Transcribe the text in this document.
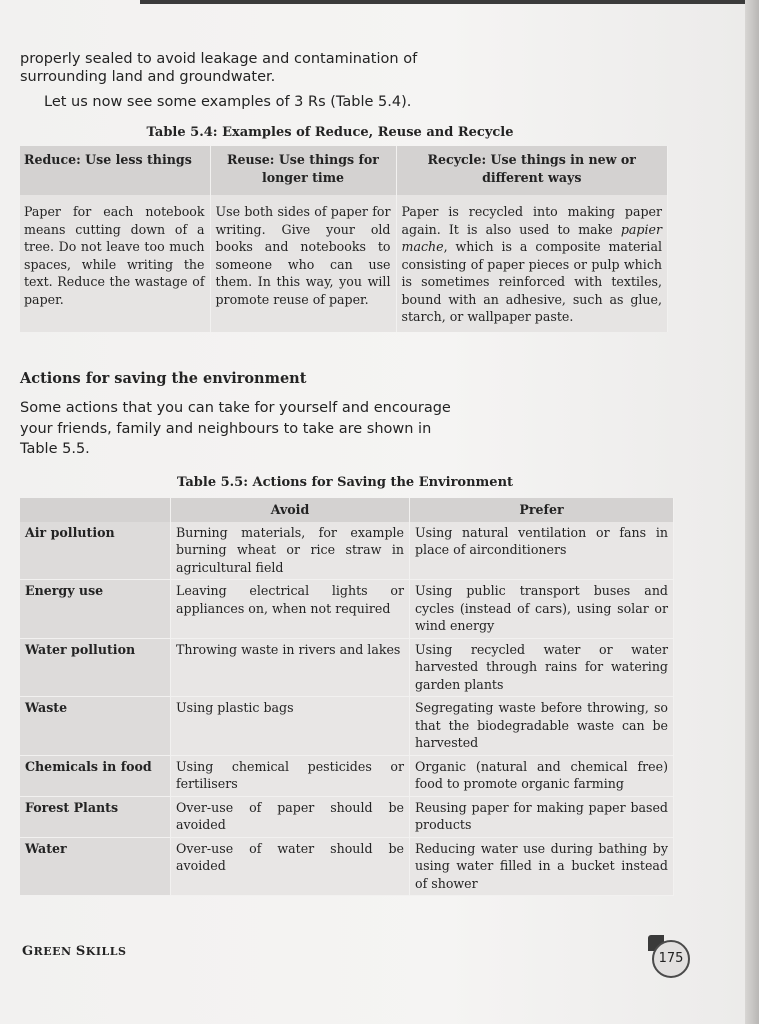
properly sealed to avoid leakage and contamination of
surrounding land and groundwater.

Let us now see some examples of 3 Rs (Table 5.4).

Table 5.4: Examples of Reduce, Reuse and Recycle
Reduce: Use less things	Reuse: Use things for longer time	Recycle: Use things in new or different ways
Paper for each notebook means cutting down of a tree. Do not leave too much spaces, while writing the text. Reduce the wastage of paper.	Use both sides of paper for writing. Give your old books and notebooks to someone who can use them. In this way, you will promote reuse of paper.	Paper is recycled into making paper again. It is also used to make papier mache, which is a composite material consisting of paper pieces or pulp which is sometimes reinforced with textiles, bound with an adhesive, such as glue, starch, or wallpaper paste.
Actions for saving the environment

Some actions that you can take for yourself and encourage your friends, family and neighbours to take are shown in Table 5.5.

Table 5.5: Actions for Saving the Environment
	Avoid	Prefer
Air pollution	Burning materials, for example burning wheat or rice straw in agricultural field	Using natural ventilation or fans in place of airconditioners
Energy use	Leaving electrical lights or appliances on, when not required	Using public transport buses and cycles (instead of cars), using solar or wind energy
Water pollution	Throwing waste in rivers and lakes	Using recycled water or water harvested through rains for watering garden plants
Waste	Using plastic bags	Segregating waste before throwing, so that the biodegradable waste can be harvested
Chemicals in food	Using chemical pesticides or fertilisers	Organic (natural and chemical free) food to promote organic farming
Forest Plants	Over-use of paper should be avoided	Reusing paper for making paper based products
Water	Over-use of water should be avoided	Reducing water use during bathing by using water filled in a bucket instead of shower
GREEN SKILLS	175
